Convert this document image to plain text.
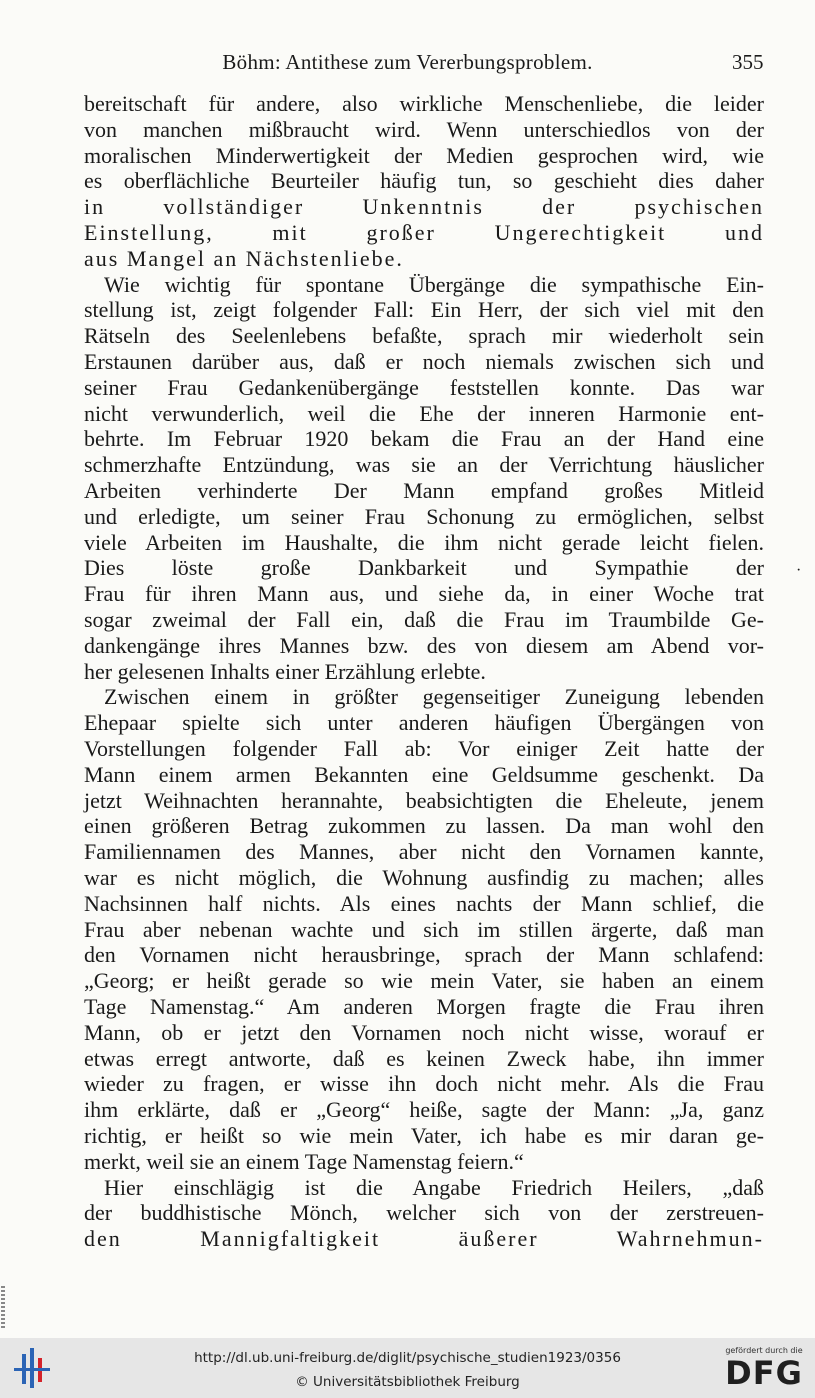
Böhm: Antithese zum Vererbungsproblem.	355
bereitschaft für andere, also wirkliche Menschenliebe, die leider
von manchen mißbraucht wird. Wenn unterschiedlos von der
moralischen Minderwertigkeit der Medien gesprochen wird, wie
es oberflächliche Beurteiler häufig tun, so geschieht dies daher
in vollständiger Unkenntnis der psychischen
Einstellung, mit großer Ungerechtigkeit und
aus Mangel an Nächstenliebe.
Wie wichtig für spontane Übergänge die sympathische Ein-
stellung ist, zeigt folgender Fall: Ein Herr, der sich viel mit den
Rätseln des Seelenlebens befaßte, sprach mir wiederholt sein
Erstaunen darüber aus, daß er noch niemals zwischen sich und
seiner Frau Gedankenübergänge feststellen konnte. Das war
nicht verwunderlich, weil die Ehe der inneren Harmonie ent-
behrte. Im Februar 1920 bekam die Frau an der Hand eine
schmerzhafte Entzündung, was sie an der Verrichtung häuslicher
Arbeiten verhinderte Der Mann empfand großes Mitleid
und erledigte, um seiner Frau Schonung zu ermöglichen, selbst
viele Arbeiten im Haushalte, die ihm nicht gerade leicht fielen.
Dies löste große Dankbarkeit und Sympathie der
Frau für ihren Mann aus, und siehe da, in einer Woche trat
sogar zweimal der Fall ein, daß die Frau im Traumbilde Ge-
dankengänge ihres Mannes bzw. des von diesem am Abend vor-
her gelesenen Inhalts einer Erzählung erlebte.
Zwischen einem in größter gegenseitiger Zuneigung lebenden
Ehepaar spielte sich unter anderen häufigen Übergängen von
Vorstellungen folgender Fall ab: Vor einiger Zeit hatte der
Mann einem armen Bekannten eine Geldsumme geschenkt. Da
jetzt Weihnachten herannahte, beabsichtigten die Eheleute, jenem
einen größeren Betrag zukommen zu lassen. Da man wohl den
Familiennamen des Mannes, aber nicht den Vornamen kannte,
war es nicht möglich, die Wohnung ausfindig zu machen; alles
Nachsinnen half nichts. Als eines nachts der Mann schlief, die
Frau aber nebenan wachte und sich im stillen ärgerte, daß man
den Vornamen nicht herausbringe, sprach der Mann schlafend:
„Georg; er heißt gerade so wie mein Vater, sie haben an einem
Tage Namenstag.“ Am anderen Morgen fragte die Frau ihren
Mann, ob er jetzt den Vornamen noch nicht wisse, worauf er
etwas erregt antworte, daß es keinen Zweck habe, ihn immer
wieder zu fragen, er wisse ihn doch nicht mehr. Als die Frau
ihm erklärte, daß er „Georg“ heiße, sagte der Mann: „Ja, ganz
richtig, er heißt so wie mein Vater, ich habe es mir daran ge-
merkt, weil sie an einem Tage Namenstag feiern.“
Hier einschlägig ist die Angabe Friedrich Heilers, „daß
der buddhistische Mönch, welcher sich von der zerstreuen-
den Mannigfaltigkeit äußerer Wahrnehmun-
·
http://dl.ub.uni-freiburg.de/diglit/psychische_studien1923/0356
© Universitätsbibliothek Freiburg
gefördert durch die
DFG
